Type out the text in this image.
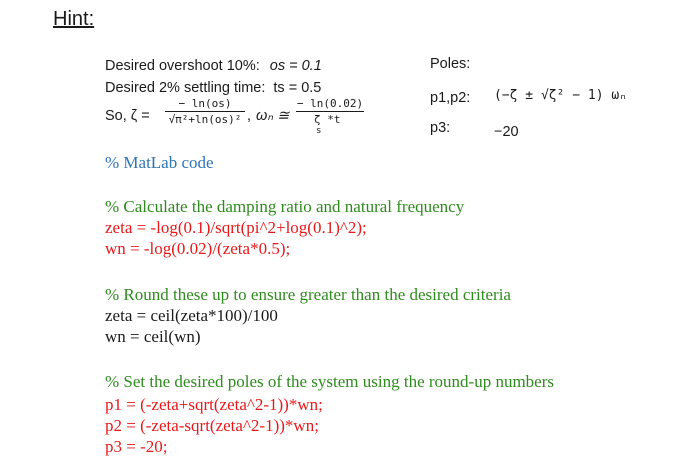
Hint:
Desired overshoot 10%: os = 0.1
Desired 2% settling time: ts = 0.5
So, ζ =
− ln(os)
√π²+ln(os)² , ωₙ ≅
− ln(0.02)
ζ *t
s
Poles:
p1,p2: (−ζ ± √ζ² − 1) ωₙ
p3:	−20
% MatLab code
% Calculate the damping ratio and natural frequency
zeta = -log(0.1)/sqrt(pi^2+log(0.1)^2);
wn = -log(0.02)/(zeta*0.5);
% Round these up to ensure greater than the desired criteria
zeta = ceil(zeta*100)/100
wn = ceil(wn)
% Set the desired poles of the system using the round-up numbers
p1 = (-zeta+sqrt(zeta^2-1))*wn;
p2 = (-zeta-sqrt(zeta^2-1))*wn;
p3 = -20;
